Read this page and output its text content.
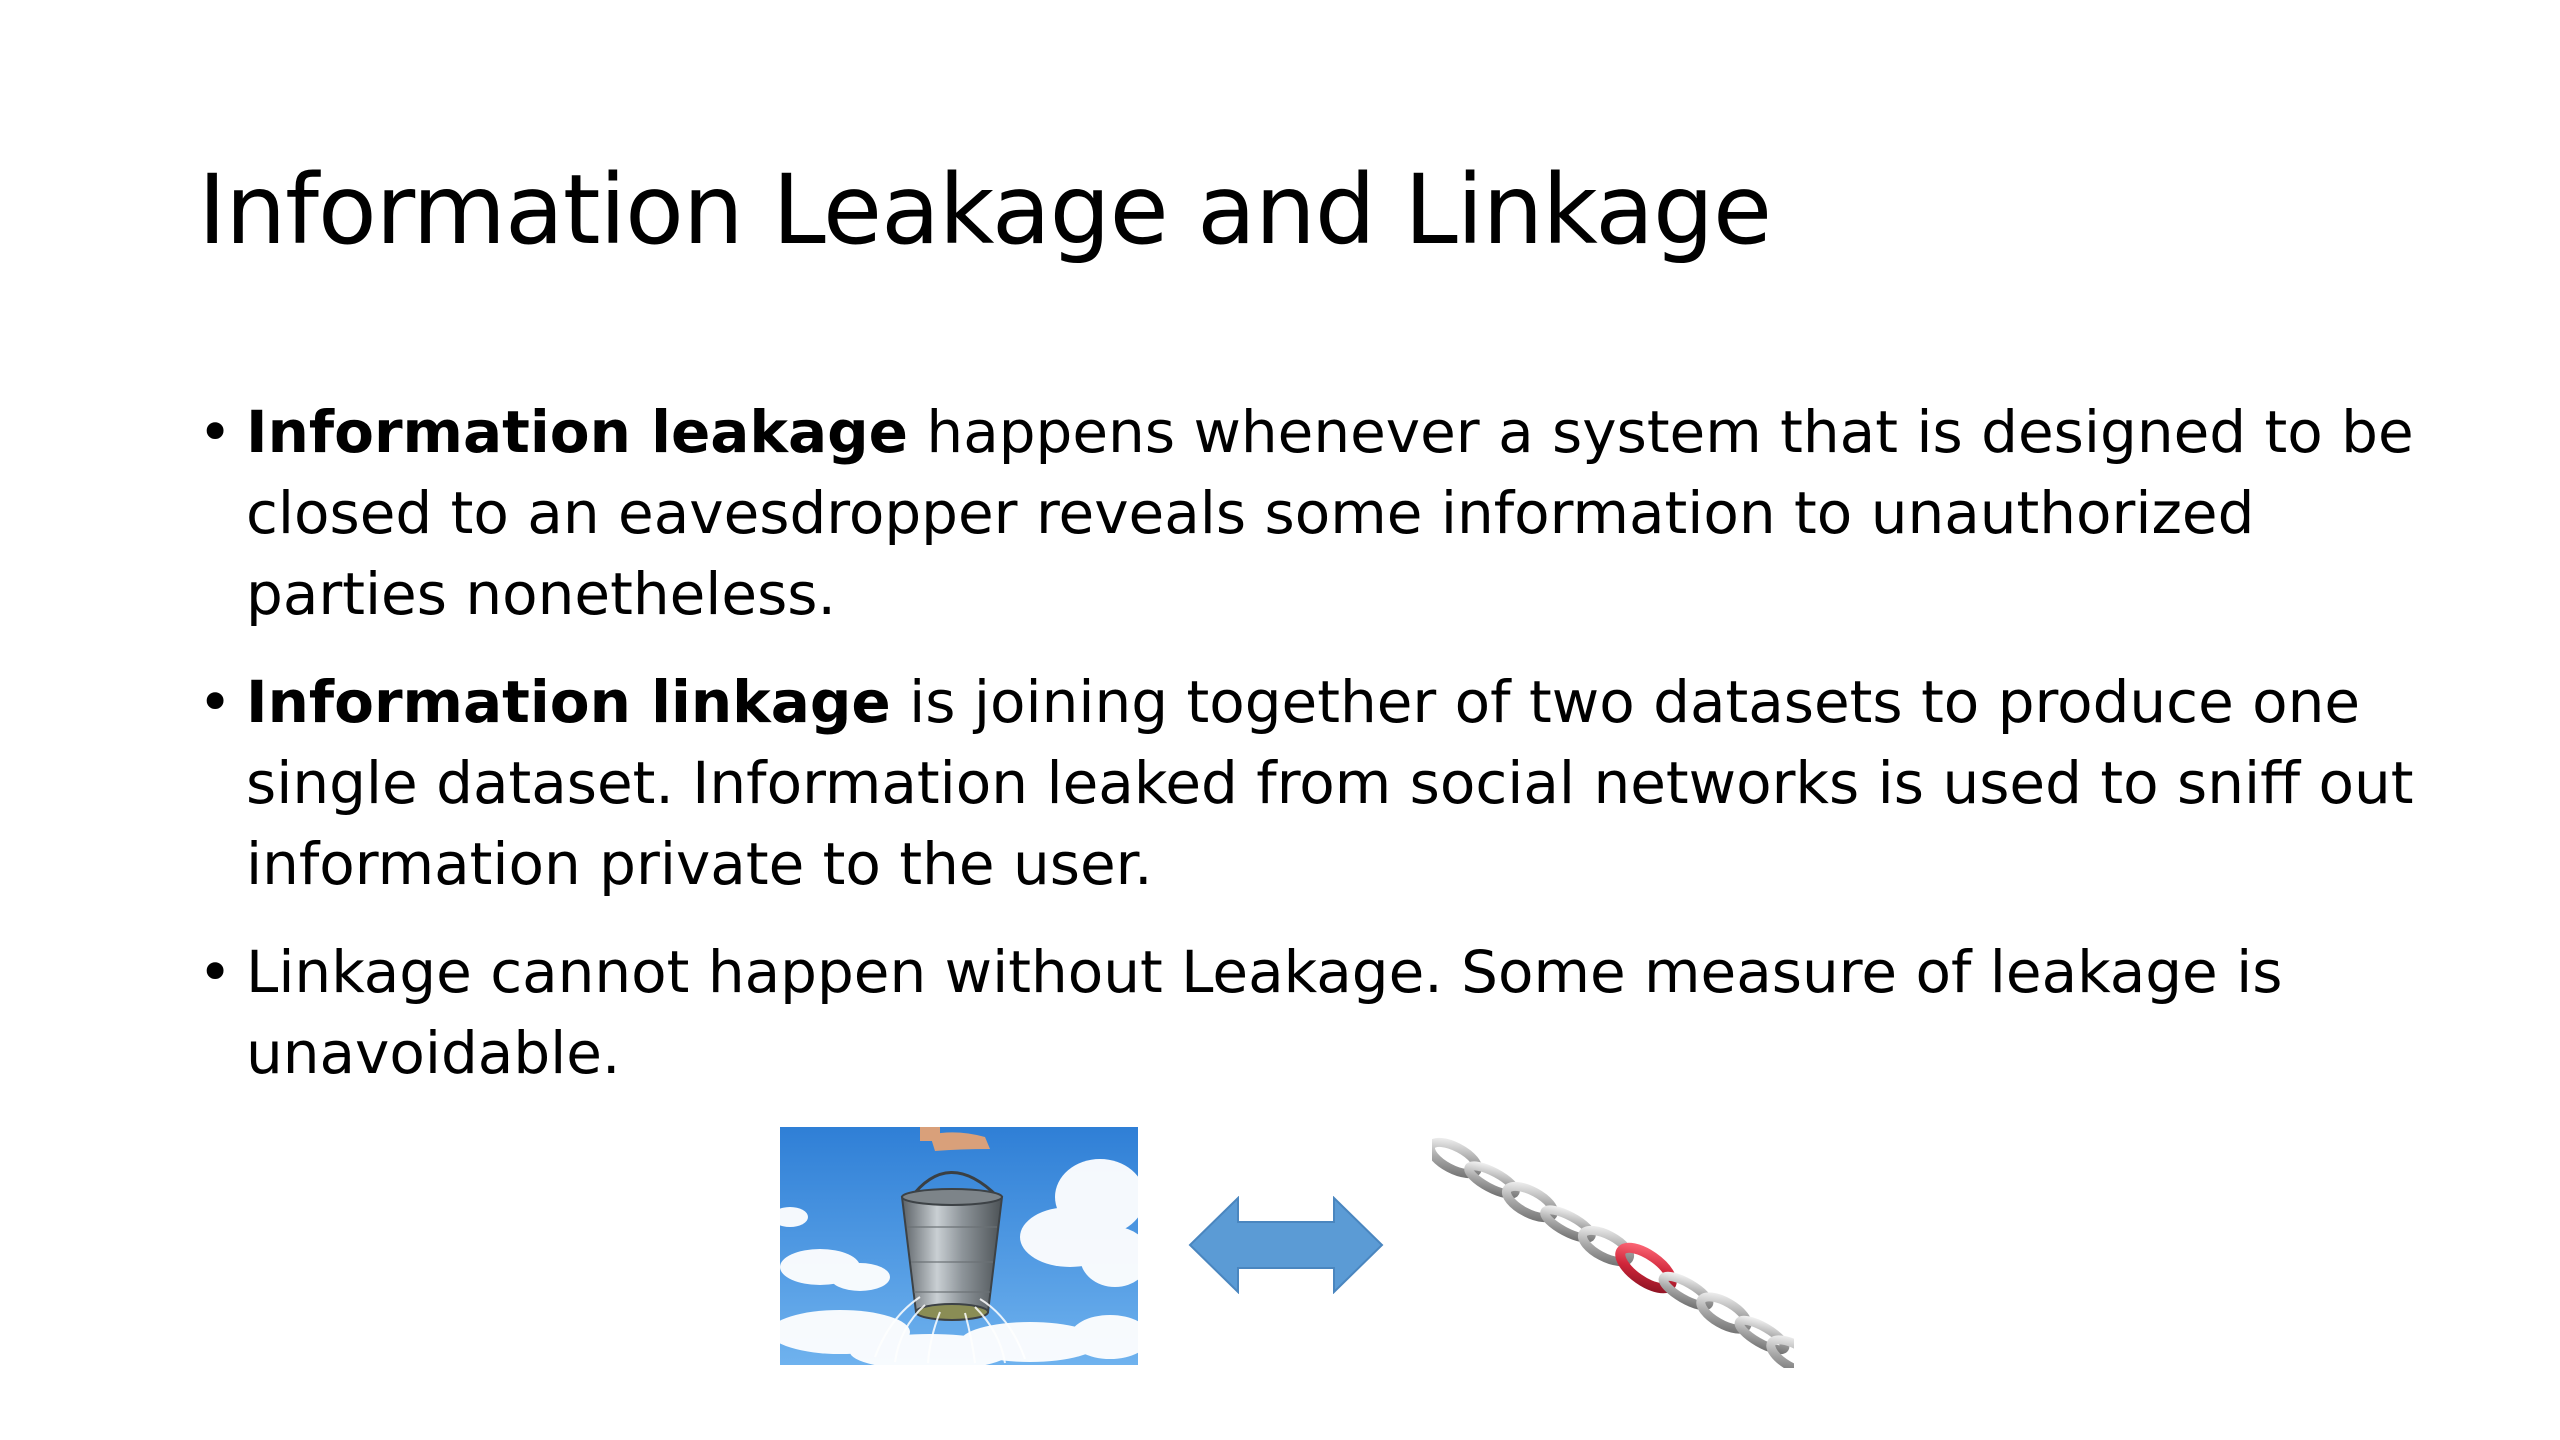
Information Leakage and Linkage
• Information leakage happens whenever a system that is designed to be closed to an eavesdropper reveals some information to unauthorized parties nonetheless.
• Information linkage is joining together of two datasets to produce one single dataset. Information leaked from social networks is used to sniff out information private to the user.
• Linkage cannot happen without Leakage. Some measure of leakage is unavoidable.
